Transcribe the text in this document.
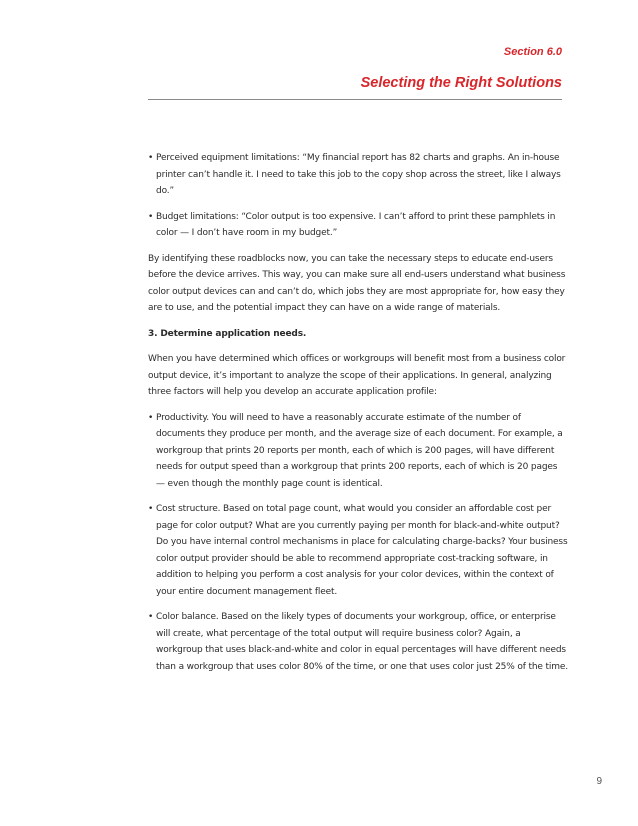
Section 6.0
Selecting the Right Solutions
• Perceived equipment limitations: “My financial report has 82 charts and graphs. An in-house printer can’t handle it. I need to take this job to the copy shop across the street, like I always do.”
• Budget limitations: “Color output is too expensive. I can’t afford to print these pamphlets in color — I don’t have room in my budget.”

By identifying these roadblocks now, you can take the necessary steps to educate end-users before the device arrives. This way, you can make sure all end-users understand what business color output devices can and can’t do, which jobs they are most appropriate for, how easy they are to use, and the potential impact they can have on a wide range of materials.

3. Determine application needs.

When you have determined which offices or workgroups will benefit most from a business color output device, it’s important to analyze the scope of their applications. In general, analyzing three factors will help you develop an accurate application profile:

• Productivity. You will need to have a reasonably accurate estimate of the number of documents they produce per month, and the average size of each document. For example, a workgroup that prints 20 reports per month, each of which is 200 pages, will have different needs for output speed than a workgroup that prints 200 reports, each of which is 20 pages — even though the monthly page count is identical.
• Cost structure. Based on total page count, what would you consider an affordable cost per page for color output? What are you currently paying per month for black-and-white output? Do you have internal control mechanisms in place for calculating charge-backs? Your business color output provider should be able to recommend appropriate cost-tracking software, in addition to helping you perform a cost analysis for your color devices, within the context of your entire document management fleet.
• Color balance. Based on the likely types of documents your workgroup, office, or enterprise will create, what percentage of the total output will require business color? Again, a workgroup that uses black-and-white and color in equal percentages will have different needs than a workgroup that uses color 80% of the time, or one that uses color just 25% of the time.
9
